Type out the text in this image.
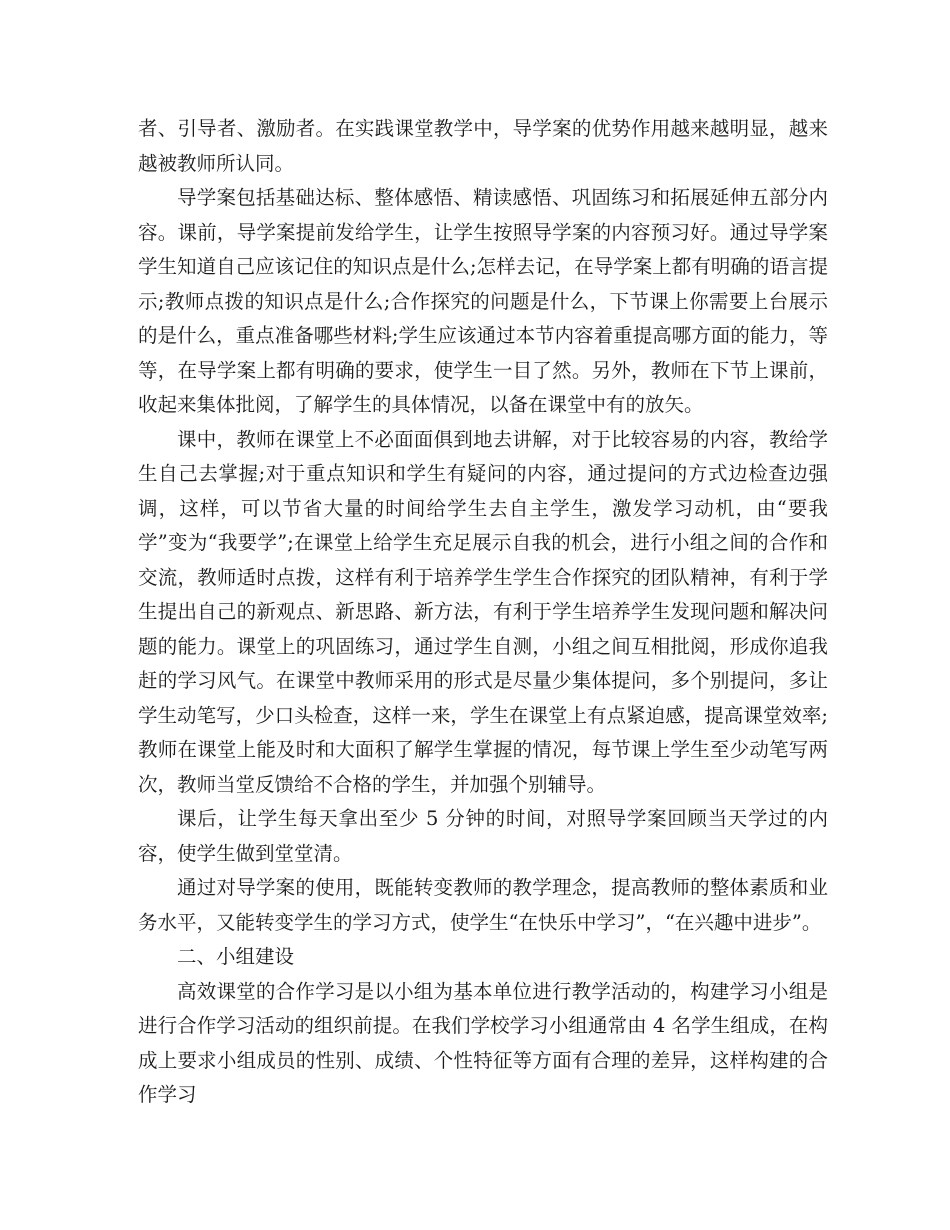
者、引导者、激励者。在实践课堂教学中，导学案的优势作用越来越明显，越来越被教师所认同。

导学案包括基础达标、整体感悟、精读感悟、巩固练习和拓展延伸五部分内容。课前，导学案提前发给学生，让学生按照导学案的内容预习好。通过导学案学生知道自己应该记住的知识点是什么;怎样去记，在导学案上都有明确的语言提示;教师点拨的知识点是什么;合作探究的问题是什么，下节课上你需要上台展示的是什么，重点准备哪些材料;学生应该通过本节内容着重提高哪方面的能力，等等，在导学案上都有明确的要求，使学生一目了然。另外，教师在下节上课前，收起来集体批阅，了解学生的具体情况，以备在课堂中有的放矢。

课中，教师在课堂上不必面面俱到地去讲解，对于比较容易的内容，教给学生自己去掌握;对于重点知识和学生有疑问的内容，通过提问的方式边检查边强调，这样，可以节省大量的时间给学生去自主学生，激发学习动机，由“要我学”变为“我要学”;在课堂上给学生充足展示自我的机会，进行小组之间的合作和交流，教师适时点拨，这样有利于培养学生学生合作探究的团队精神，有利于学生提出自己的新观点、新思路、新方法，有利于学生培养学生发现问题和解决问题的能力。课堂上的巩固练习，通过学生自测，小组之间互相批阅，形成你追我赶的学习风气。在课堂中教师采用的形式是尽量少集体提问，多个别提问，多让学生动笔写，少口头检查，这样一来，学生在课堂上有点紧迫感，提高课堂效率;教师在课堂上能及时和大面积了解学生掌握的情况，每节课上学生至少动笔写两次，教师当堂反馈给不合格的学生，并加强个别辅导。

课后，让学生每天拿出至少 5 分钟的时间，对照导学案回顾当天学过的内容，使学生做到堂堂清。

通过对导学案的使用，既能转变教师的教学理念，提高教师的整体素质和业务水平，又能转变学生的学习方式，使学生“在快乐中学习”，“在兴趣中进步”。

二、小组建设

高效课堂的合作学习是以小组为基本单位进行教学活动的，构建学习小组是进行合作学习活动的组织前提。在我们学校学习小组通常由 4 名学生组成，在构成上要求小组成员的性别、成绩、个性特征等方面有合理的差异，这样构建的合作学习
